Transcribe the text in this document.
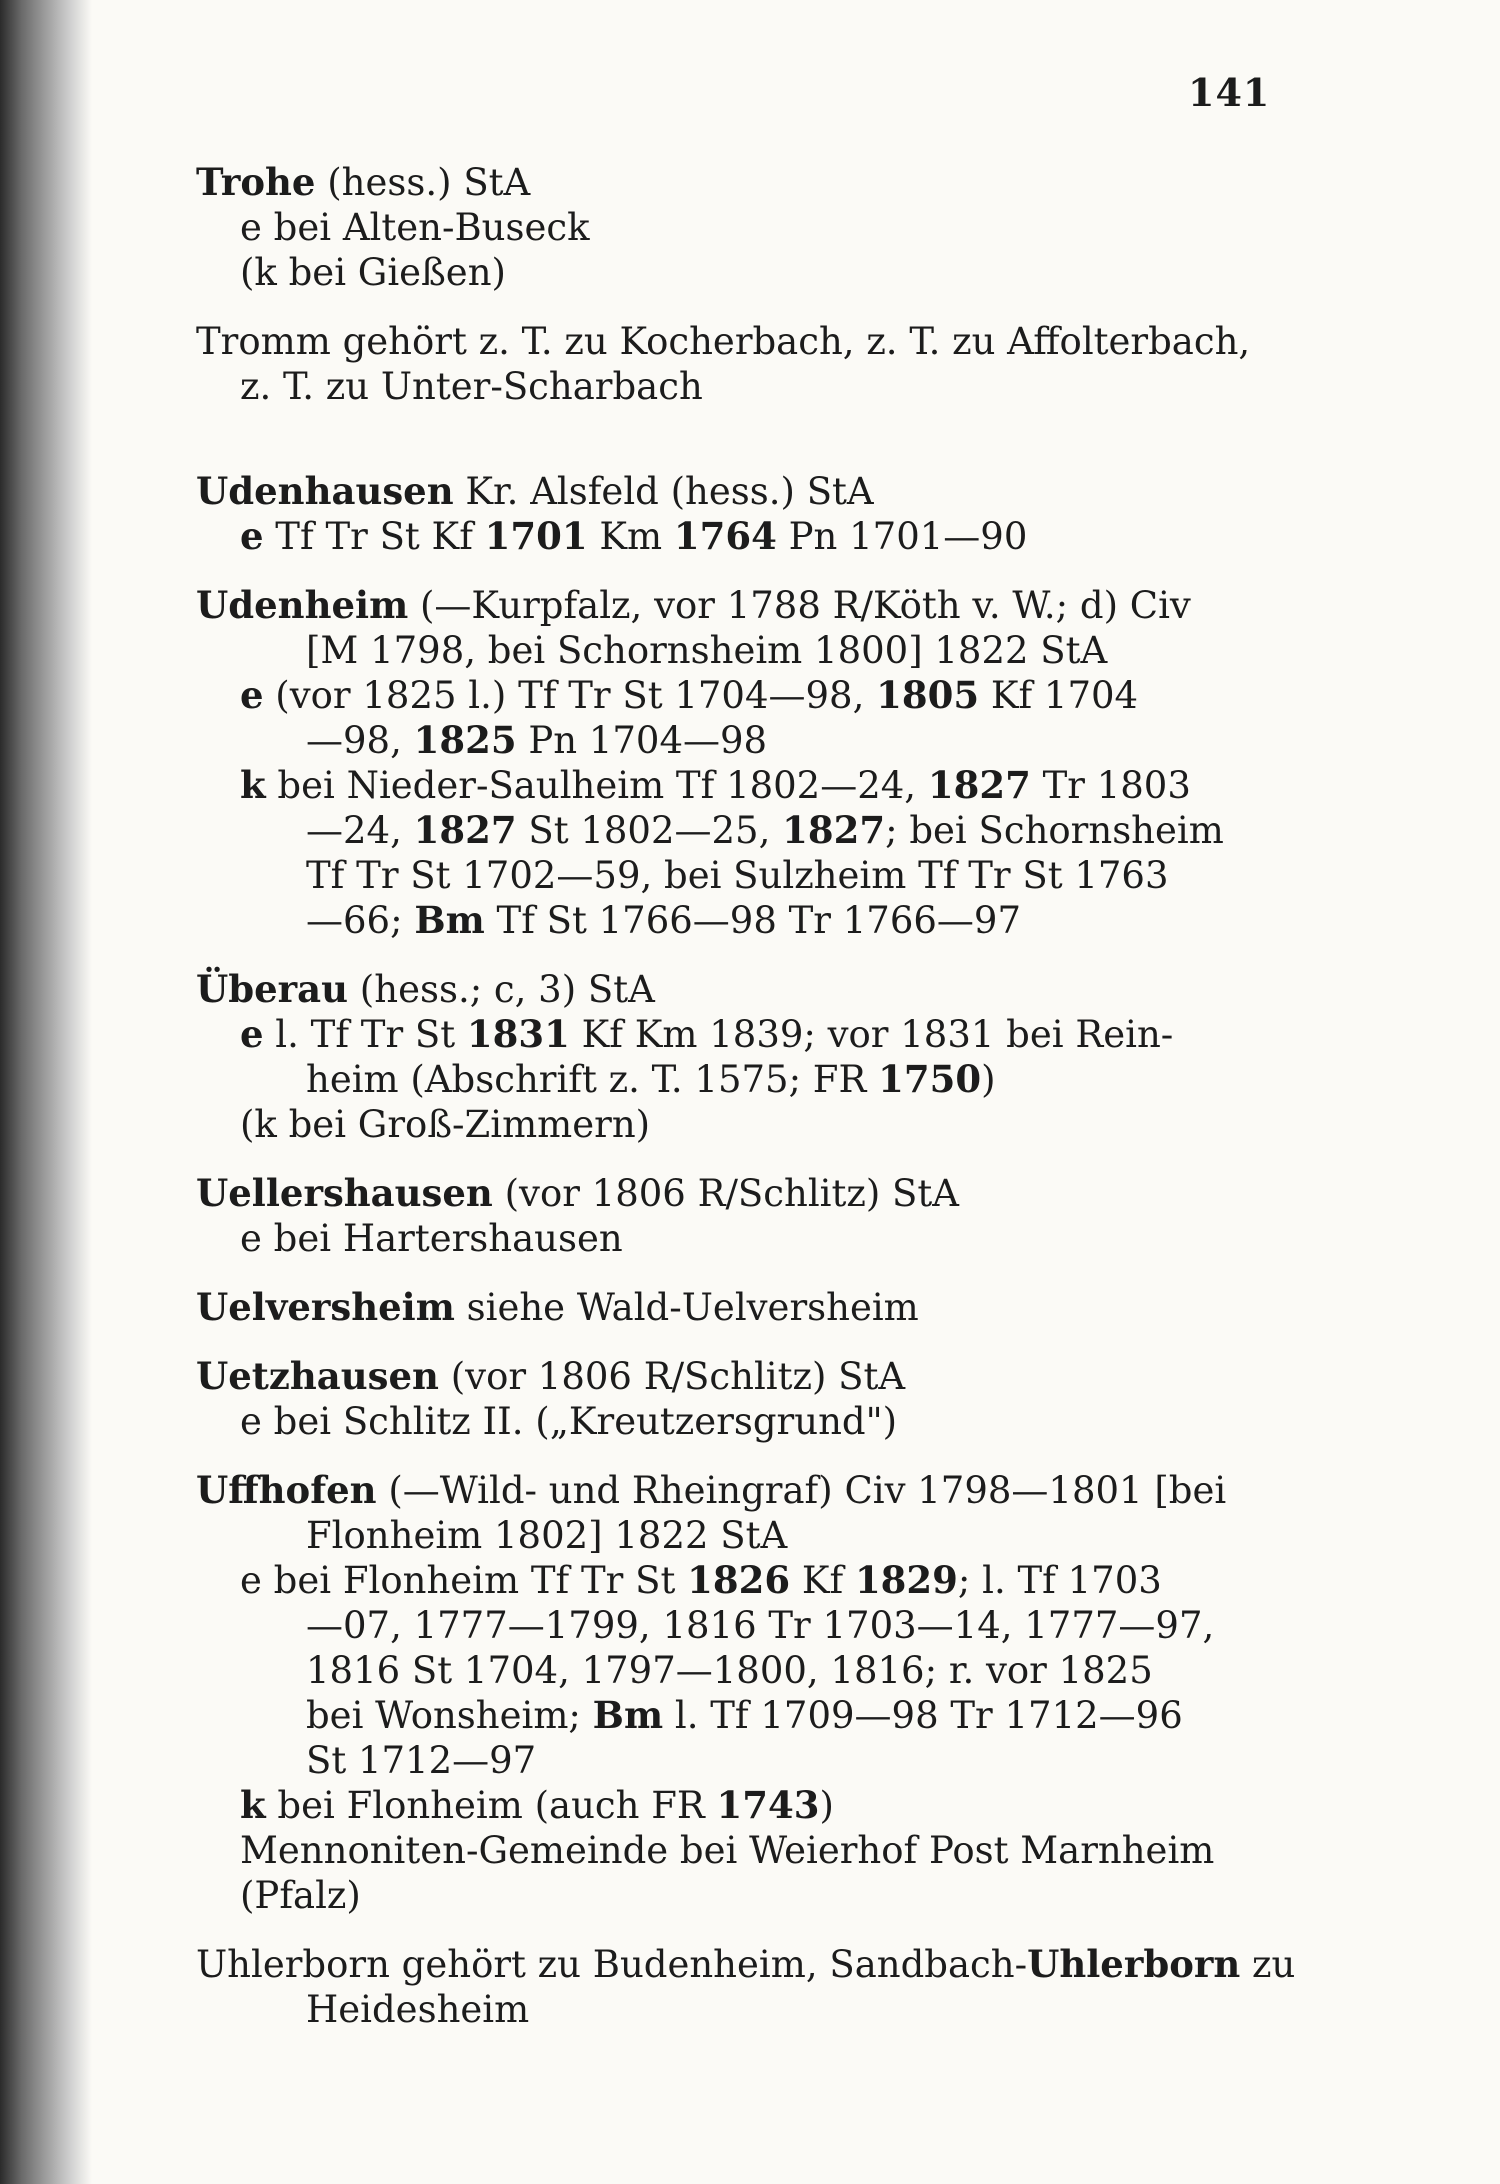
141
Trohe (hess.) StA
e bei Alten-Buseck
(k bei Gießen)
Tromm gehört z. T. zu Kocherbach, z. T. zu Affolterbach,
z. T. zu Unter-Scharbach
Udenhausen Kr. Alsfeld (hess.) StA
e Tf Tr St Kf 1701 Km 1764 Pn 1701—90
Udenheim (—Kurpfalz, vor 1788 R/Köth v. W.; d) Civ
[M 1798, bei Schornsheim 1800] 1822 StA
e (vor 1825 l.) Tf Tr St 1704—98, 1805 Kf 1704
—98, 1825 Pn 1704—98
k bei Nieder-Saulheim Tf 1802—24, 1827 Tr 1803
—24, 1827 St 1802—25, 1827; bei Schornsheim
Tf Tr St 1702—59, bei Sulzheim Tf Tr St 1763
—66; Bm Tf St 1766—98 Tr 1766—97
Überau (hess.; c, 3) StA
e l. Tf Tr St 1831 Kf Km 1839; vor 1831 bei Rein-
heim (Abschrift z. T. 1575; FR 1750)
(k bei Groß-Zimmern)
Uellershausen (vor 1806 R/Schlitz) StA
e bei Hartershausen
Uelversheim siehe Wald-Uelversheim
Uetzhausen (vor 1806 R/Schlitz) StA
e bei Schlitz II. („Kreutzersgrund")
Uffhofen (—Wild- und Rheingraf) Civ 1798—1801 [bei
Flonheim 1802] 1822 StA
e bei Flonheim Tf Tr St 1826 Kf 1829; l. Tf 1703
—07, 1777—1799, 1816 Tr 1703—14, 1777—97,
1816 St 1704, 1797—1800, 1816; r. vor 1825
bei Wonsheim; Bm l. Tf 1709—98 Tr 1712—96
St 1712—97
k bei Flonheim (auch FR 1743)
Mennoniten-Gemeinde bei Weierhof Post Marnheim
(Pfalz)
Uhlerborn gehört zu Budenheim, Sandbach-Uhlerborn zu
Heidesheim
